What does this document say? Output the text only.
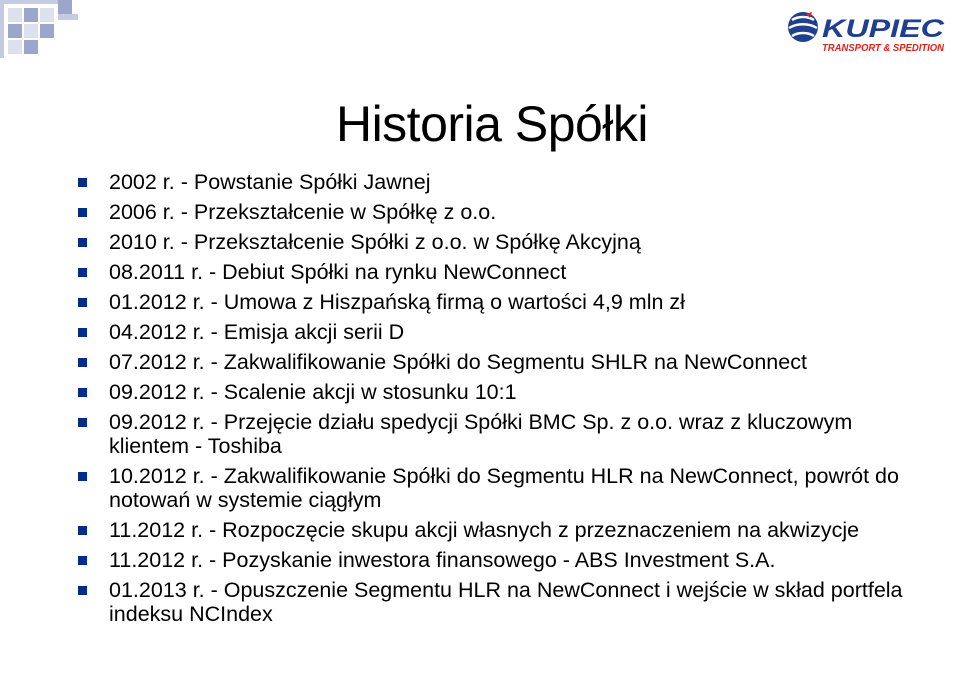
KUPIEC
TRANSPORT & SPEDITION
Historia Spółki
2002 r. - Powstanie Spółki Jawnej
2006 r. - Przekształcenie w Spółkę z o.o.
2010 r. - Przekształcenie Spółki z o.o. w Spółkę Akcyjną
08.2011 r. - Debiut Spółki na rynku NewConnect
01.2012 r. - Umowa z Hiszpańską firmą o wartości 4,9 mln zł
04.2012 r. - Emisja akcji serii D
07.2012 r. - Zakwalifikowanie Spółki do Segmentu SHLR na NewConnect
09.2012 r. - Scalenie akcji w stosunku 10:1
09.2012 r. - Przejęcie działu spedycji Spółki BMC Sp. z o.o. wraz z kluczowym klientem - Toshiba
10.2012 r. - Zakwalifikowanie Spółki do Segmentu HLR na NewConnect, powrót do notowań w systemie ciągłym
11.2012 r. - Rozpoczęcie skupu akcji własnych z przeznaczeniem na akwizycje
11.2012 r. - Pozyskanie inwestora finansowego - ABS Investment S.A.
01.2013 r. - Opuszczenie Segmentu HLR na NewConnect i wejście w skład portfela indeksu NCIndex
